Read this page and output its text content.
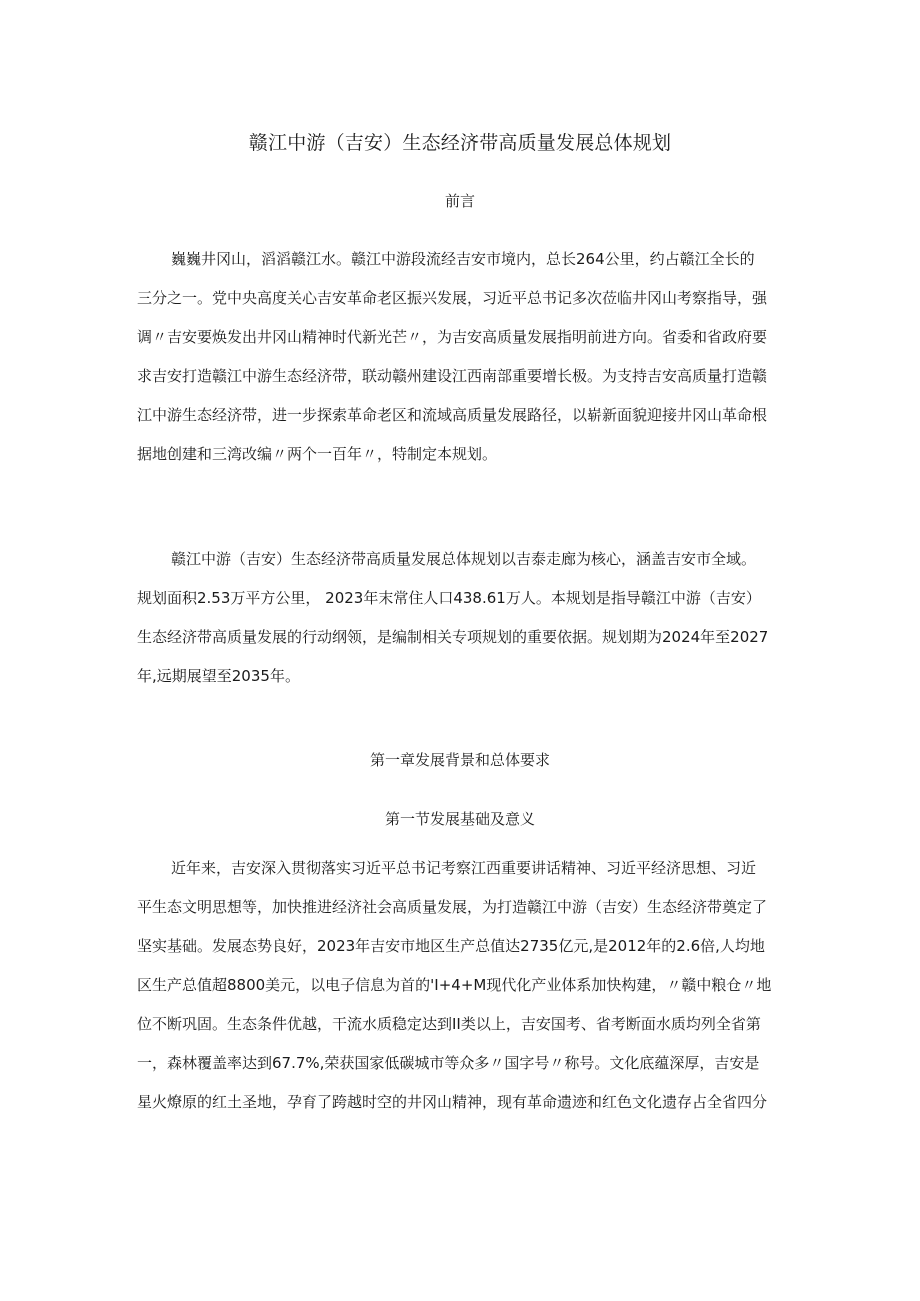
赣江中游（吉安）生态经济带高质量发展总体规划
前言
巍巍井冈山，滔滔赣江水。赣江中游段流经吉安市境内，总长264公里，约占赣江全长的
三分之一。党中央高度关心吉安革命老区振兴发展，习近平总书记多次莅临井冈山考察指导，强
调〃吉安要焕发出井冈山精神时代新光芒〃，为吉安高质量发展指明前进方向。省委和省政府要
求吉安打造赣江中游生态经济带，联动赣州建设江西南部重要增长极。为支持吉安高质量打造赣
江中游生态经济带，进一步探索革命老区和流域高质量发展路径，以崭新面貌迎接井冈山革命根
据地创建和三湾改编〃两个一百年〃，特制定本规划。
赣江中游（吉安）生态经济带高质量发展总体规划以吉泰走廊为核心，涵盖吉安市全域。
规划面积2.53万平方公里， 2023年末常住人口438.61万人。本规划是指导赣江中游（吉安）
生态经济带高质量发展的行动纲领，是编制相关专项规划的重要依据。规划期为2024年至2027
年,远期展望至2035年。
第一章发展背景和总体要求
第一节发展基础及意义
近年来，吉安深入贯彻落实习近平总书记考察江西重要讲话精神、习近平经济思想、习近
平生态文明思想等，加快推进经济社会高质量发展，为打造赣江中游（吉安）生态经济带奠定了
坚实基础。发展态势良好，2023年吉安市地区生产总值达2735亿元,是2012年的2.6倍,人均地
区生产总值超8800美元，以电子信息为首的'I+4+M现代化产业体系加快构建，〃赣中粮仓〃地
位不断巩固。生态条件优越，干流水质稳定达到II类以上，吉安国考、省考断面水质均列全省第
一，森林覆盖率达到67.7%,荣获国家低碳城市等众多〃国字号〃称号。文化底蕴深厚，吉安是
星火燎原的红土圣地，孕育了跨越时空的井冈山精神，现有革命遗迹和红色文化遗存占全省四分
